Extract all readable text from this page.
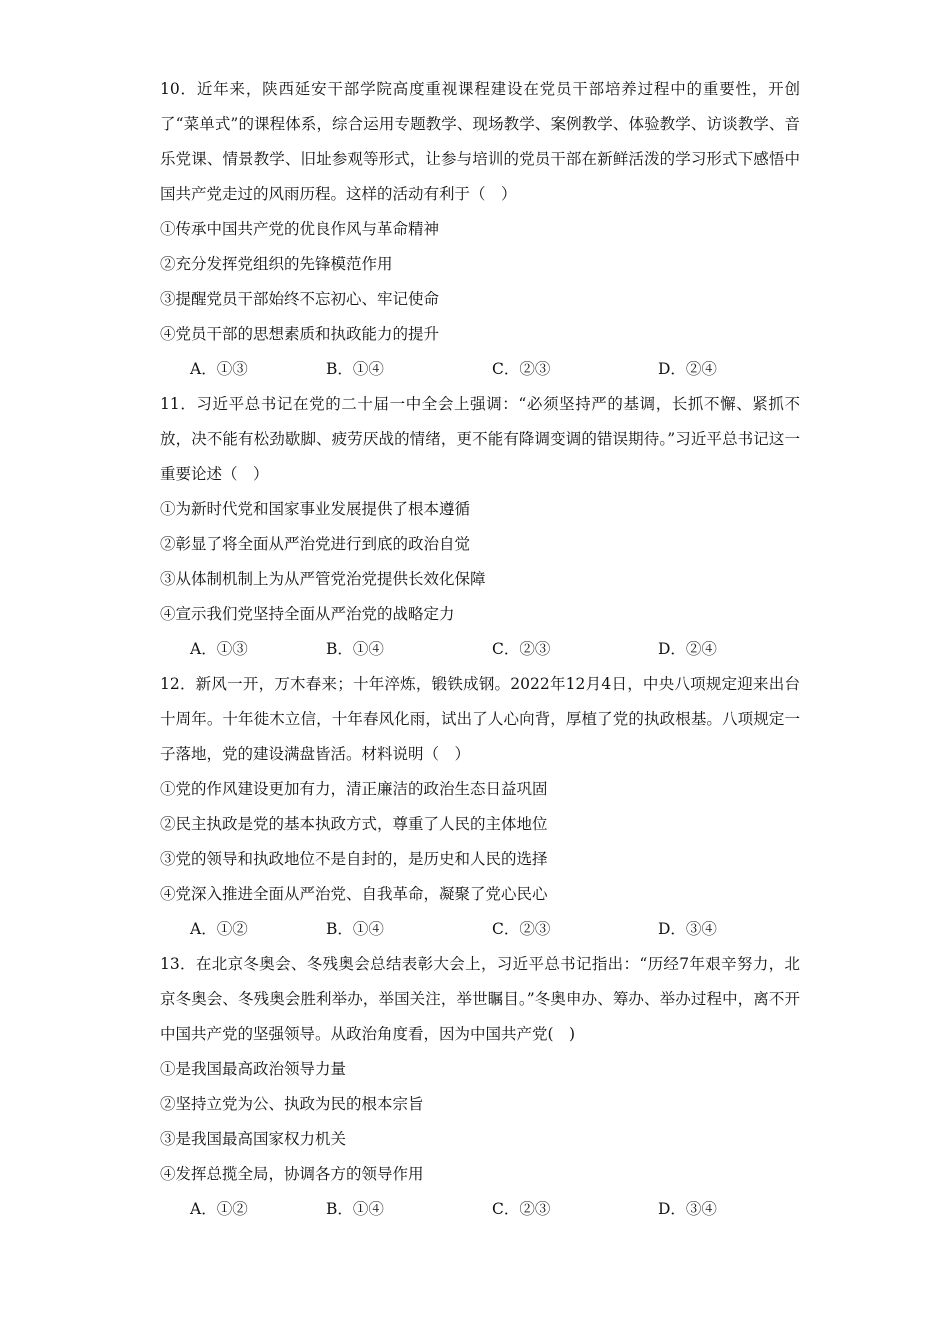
10．近年来，陕西延安干部学院高度重视课程建设在党员干部培养过程中的重要性，开创了“菜单式”的课程体系，综合运用专题教学、现场教学、案例教学、体验教学、访谈教学、音乐党课、情景教学、旧址参观等形式，让参与培训的党员干部在新鲜活泼的学习形式下感悟中国共产党走过的风雨历程。这样的活动有利于（　）

①传承中国共产党的优良作风与革命精神

②充分发挥党组织的先锋模范作用

③提醒党员干部始终不忘初心、牢记使命

④党员干部的思想素质和执政能力的提升

A．①③	B．①④	C．②③	D．②④

11．习近平总书记在党的二十届一中全会上强调：“必须坚持严的基调，长抓不懈、紧抓不放，决不能有松劲歇脚、疲劳厌战的情绪，更不能有降调变调的错误期待。”习近平总书记这一重要论述（　）

①为新时代党和国家事业发展提供了根本遵循

②彰显了将全面从严治党进行到底的政治自觉

③从体制机制上为从严管党治党提供长效化保障

④宣示我们党坚持全面从严治党的战略定力

A．①③	B．①④	C．②③	D．②④

12．新风一开，万木春来；十年淬炼，锻铁成钢。2022年12月4日，中央八项规定迎来出台十周年。十年徙木立信，十年春风化雨，试出了人心向背，厚植了党的执政根基。八项规定一子落地，党的建设满盘皆活。材料说明（　）

①党的作风建设更加有力，清正廉洁的政治生态日益巩固

②民主执政是党的基本执政方式，尊重了人民的主体地位

③党的领导和执政地位不是自封的，是历史和人民的选择

④党深入推进全面从严治党、自我革命，凝聚了党心民心

A．①②	B．①④	C．②③	D．③④

13．在北京冬奥会、冬残奥会总结表彰大会上，习近平总书记指出：“历经7年艰辛努力，北京冬奥会、冬残奥会胜利举办，举国关注，举世瞩目。”冬奥申办、筹办、举办过程中，离不开中国共产党的坚强领导。从政治角度看，因为中国共产党(　)

①是我国最高政治领导力量

②坚持立党为公、执政为民的根本宗旨

③是我国最高国家权力机关

④发挥总揽全局，协调各方的领导作用

A．①②	B．①④	C．②③	D．③④
